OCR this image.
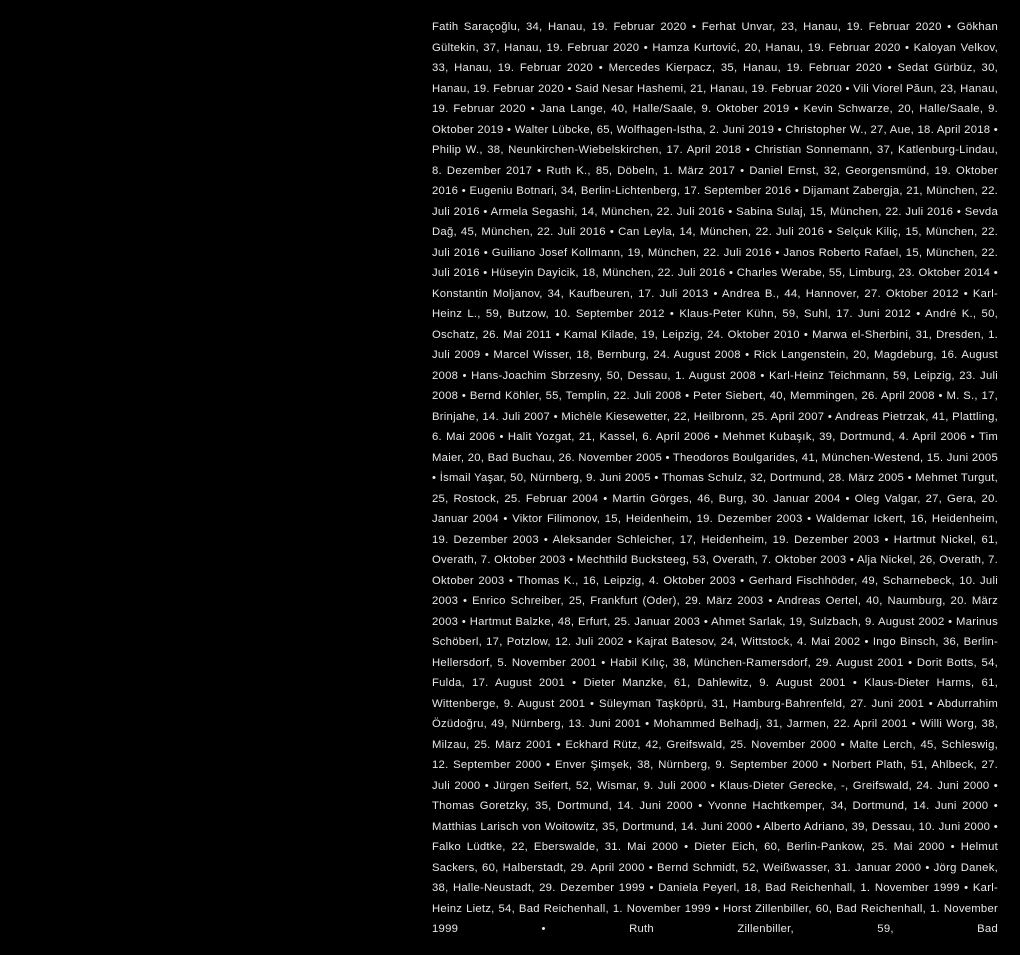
Fatih Saraçoğlu, 34, Hanau, 19. Februar 2020 • Ferhat Unvar, 23, Hanau, 19. Februar 2020 • Gökhan Gültekin, 37, Hanau, 19. Februar 2020 • Hamza Kurtović, 20, Hanau, 19. Februar 2020 • Kaloyan Velkov, 33, Hanau, 19. Februar 2020 • Mercedes Kierpacz, 35, Hanau, 19. Februar 2020 • Sedat Gürbüz, 30, Hanau, 19. Februar 2020 • Said Nesar Hashemi, 21, Hanau, 19. Februar 2020 • Vili Viorel Păun, 23, Hanau, 19. Februar 2020 • Jana Lange, 40, Halle/Saale, 9. Oktober 2019 • Kevin Schwarze, 20, Halle/Saale, 9. Oktober 2019 • Walter Lübcke, 65, Wolfhagen-Istha, 2. Juni 2019 • Christopher W., 27, Aue, 18. April 2018 • Philip W., 38, Neunkirchen-Wiebelskirchen, 17. April 2018 • Christian Sonnemann, 37, Katlenburg-Lindau, 8. Dezember 2017 • Ruth K., 85, Döbeln, 1. März 2017 • Daniel Ernst, 32, Georgensmünd, 19. Oktober 2016 • Eugeniu Botnari, 34, Berlin-Lichtenberg, 17. September 2016 • Dijamant Zabergja, 21, München, 22. Juli 2016 • Armela Segashi, 14, München, 22. Juli 2016 • Sabina Sulaj, 15, München, 22. Juli 2016 • Sevda Dağ, 45, München, 22. Juli 2016 • Can Leyla, 14, München, 22. Juli 2016 • Selçuk Kiliç, 15, München, 22. Juli 2016 • Guiliano Josef Kollmann, 19, München, 22. Juli 2016 • Janos Roberto Rafael, 15, München, 22. Juli 2016 • Hüseyin Dayicik, 18, München, 22. Juli 2016 • Charles Werabe, 55, Limburg, 23. Oktober 2014 • Konstantin Moljanov, 34, Kaufbeuren, 17. Juli 2013 • Andrea B., 44, Hannover, 27. Oktober 2012 • Karl-Heinz L., 59, Butzow, 10. September 2012 • Klaus-Peter Kühn, 59, Suhl, 17. Juni 2012 • André K., 50, Oschatz, 26. Mai 2011 • Kamal Kilade, 19, Leipzig, 24. Oktober 2010 • Marwa el-Sherbini, 31, Dresden, 1. Juli 2009 • Marcel Wisser, 18, Bernburg, 24. August 2008 • Rick Langenstein, 20, Magdeburg, 16. August 2008 • Hans-Joachim Sbrzesny, 50, Dessau, 1. August 2008 • Karl-Heinz Teichmann, 59, Leipzig, 23. Juli 2008 • Bernd Köhler, 55, Templin, 22. Juli 2008 • Peter Siebert, 40, Memmingen, 26. April 2008 • M. S., 17, Brinjahe, 14. Juli 2007 • Michèle Kiesewetter, 22, Heilbronn, 25. April 2007 • Andreas Pietrzak, 41, Plattling, 6. Mai 2006 • Halit Yozgat, 21, Kassel, 6. April 2006 • Mehmet Kubaşık, 39, Dortmund, 4. April 2006 • Tim Maier, 20, Bad Buchau, 26. November 2005 • Theodoros Boulgarides, 41, München-Westend, 15. Juni 2005 • İsmail Yaşar, 50, Nürnberg, 9. Juni 2005 • Thomas Schulz, 32, Dortmund, 28. März 2005 • Mehmet Turgut, 25, Rostock, 25. Februar 2004 • Martin Görges, 46, Burg, 30. Januar 2004 • Oleg Valgar, 27, Gera, 20. Januar 2004 • Viktor Filimonov, 15, Heidenheim, 19. Dezember 2003 • Waldemar Ickert, 16, Heidenheim, 19. Dezember 2003 • Aleksander Schleicher, 17, Heidenheim, 19. Dezember 2003 • Hartmut Nickel, 61, Overath, 7. Oktober 2003 • Mechthild Bucksteeg, 53, Overath, 7. Oktober 2003 • Alja Nickel, 26, Overath, 7. Oktober 2003 • Thomas K., 16, Leipzig, 4. Oktober 2003 • Gerhard Fischhöder, 49, Scharnebeck, 10. Juli 2003 • Enrico Schreiber, 25, Frankfurt (Oder), 29. März 2003 • Andreas Oertel, 40, Naumburg, 20. März 2003 • Hartmut Balzke, 48, Erfurt, 25. Januar 2003 • Ahmet Sarlak, 19, Sulzbach, 9. August 2002 • Marinus Schöberl, 17, Potzlow, 12. Juli 2002 • Kajrat Batesov, 24, Wittstock, 4. Mai 2002 • Ingo Binsch, 36, Berlin-Hellersdorf, 5. November 2001 • Habil Kılıç, 38, München-Ramersdorf, 29. August 2001 • Dorit Botts, 54, Fulda, 17. August 2001 • Dieter Manzke, 61, Dahlewitz, 9. August 2001 • Klaus-Dieter Harms, 61, Wittenberge, 9. August 2001 • Süleyman Taşköprü, 31, Hamburg-Bahrenfeld, 27. Juni 2001 • Abdurrahim Özüdoğru, 49, Nürnberg, 13. Juni 2001 • Mohammed Belhadj, 31, Jarmen, 22. April 2001 • Willi Worg, 38, Milzau, 25. März 2001 • Eckhard Rütz, 42, Greifswald, 25. November 2000 • Malte Lerch, 45, Schleswig, 12. September 2000 • Enver Şimşek, 38, Nürnberg, 9. September 2000 • Norbert Plath, 51, Ahlbeck, 27. Juli 2000 • Jürgen Seifert, 52, Wismar, 9. Juli 2000 • Klaus-Dieter Gerecke, -, Greifswald, 24. Juni 2000 • Thomas Goretzky, 35, Dortmund, 14. Juni 2000 • Yvonne Hachtkemper, 34, Dortmund, 14. Juni 2000 • Matthias Larisch von Woitowitz, 35, Dortmund, 14. Juni 2000 • Alberto Adriano, 39, Dessau, 10. Juni 2000 • Falko Lüdtke, 22, Eberswalde, 31. Mai 2000 • Dieter Eich, 60, Berlin-Pankow, 25. Mai 2000 • Helmut Sackers, 60, Halberstadt, 29. April 2000 • Bernd Schmidt, 52, Weißwasser, 31. Januar 2000 • Jörg Danek, 38, Halle-Neustadt, 29. Dezember 1999 • Daniela Peyerl, 18, Bad Reichenhall, 1. November 1999 • Karl-Heinz Lietz, 54, Bad Reichenhall, 1. November 1999 • Horst Zillenbiller, 60, Bad Reichenhall, 1. November 1999 • Ruth Zillenbiller, 59, Bad
